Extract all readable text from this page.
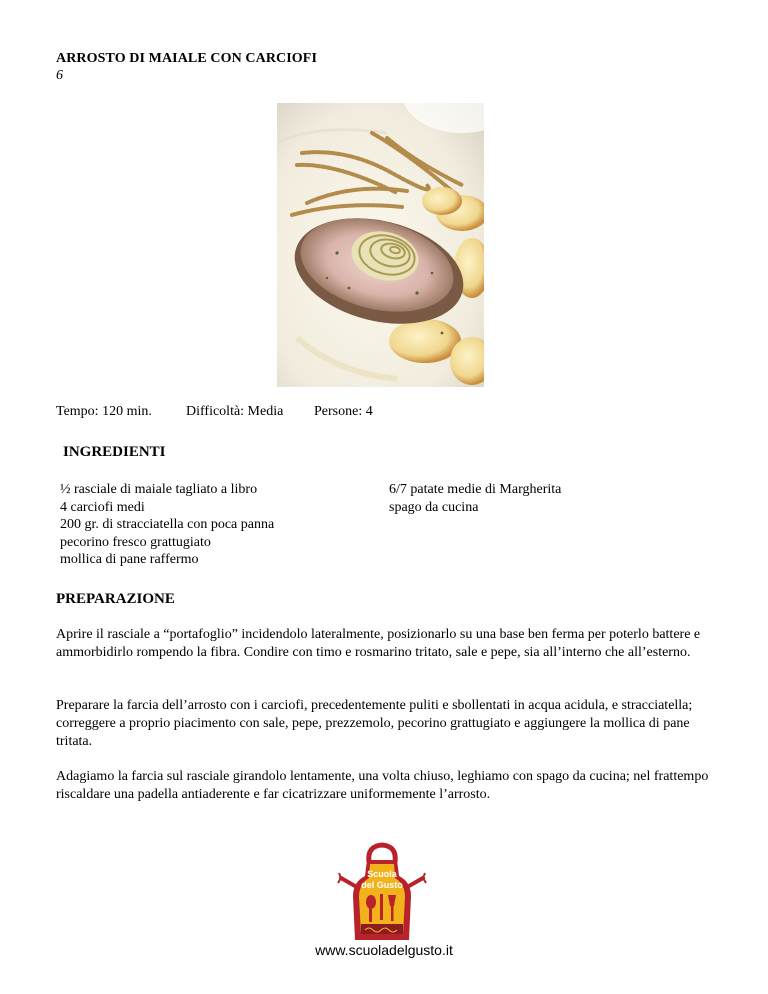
ARROSTO DI MAIALE CON CARCIOFI
6
Tempo: 120 min. Difficoltà: Media Persone: 4
INGREDIENTI
½ rasciale di maiale tagliato a libro
4 carciofi medi
200 gr. di stracciatella con poca panna
pecorino fresco grattugiato
mollica di pane raffermo
6/7 patate medie di Margherita
spago da cucina
PREPARAZIONE
Aprire il rasciale a “portafoglio” incidendolo lateralmente, posizionarlo su una base ben ferma per poterlo battere e ammorbidirlo rompendo la fibra. Condire con timo e rosmarino tritato, sale e pepe, sia all’interno che all’esterno.
Preparare la farcia dell’arrosto con i carciofi, precedentemente puliti e sbollentati in acqua acidula, e stracciatella; correggere a proprio piacimento con sale, pepe, prezzemolo, pecorino grattugiato e aggiungere la mollica di pane tritata.
Adagiamo la farcia sul rasciale girandolo lentamente, una volta chiuso, leghiamo con spago da cucina; nel frattempo riscaldare una padella antiaderente e far cicatrizzare uniformemente l’arrosto.
Scuola
del Gusto
www.scuoladelgusto.it
